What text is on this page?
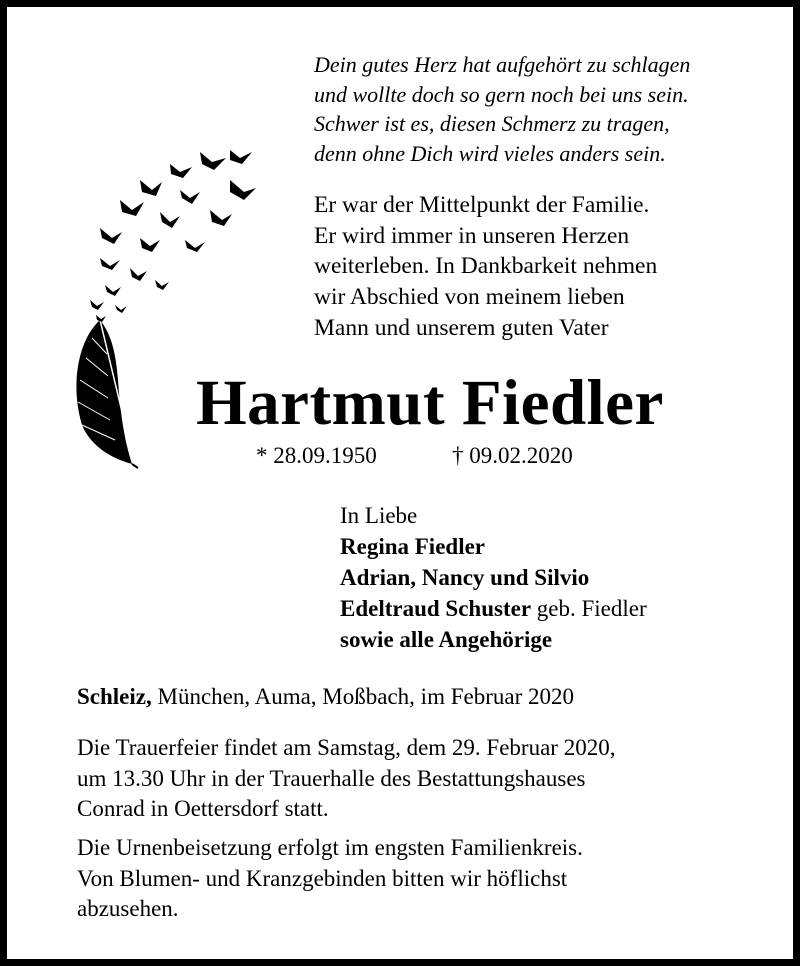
Dein gutes Herz hat aufgehört zu schlagen
und wollte doch so gern noch bei uns sein.
Schwer ist es, diesen Schmerz zu tragen,
denn ohne Dich wird vieles anders sein.
Er war der Mittelpunkt der Familie.
Er wird immer in unseren Herzen
weiterleben. In Dankbarkeit nehmen
wir Abschied von meinem lieben
Mann und unserem guten Vater
Hartmut Fiedler
* 28.09.1950	† 09.02.2020
In Liebe
Regina Fiedler
Adrian, Nancy und Silvio
Edeltraud Schuster geb. Fiedler
sowie alle Angehörige
Schleiz, München, Auma, Moßbach, im Februar 2020
Die Trauerfeier findet am Samstag, dem 29. Februar 2020,
um 13.30 Uhr in der Trauerhalle des Bestattungshauses
Conrad in Oettersdorf statt.
Die Urnenbeisetzung erfolgt im engsten Familienkreis.
Von Blumen- und Kranzgebinden bitten wir höflichst
abzusehen.
